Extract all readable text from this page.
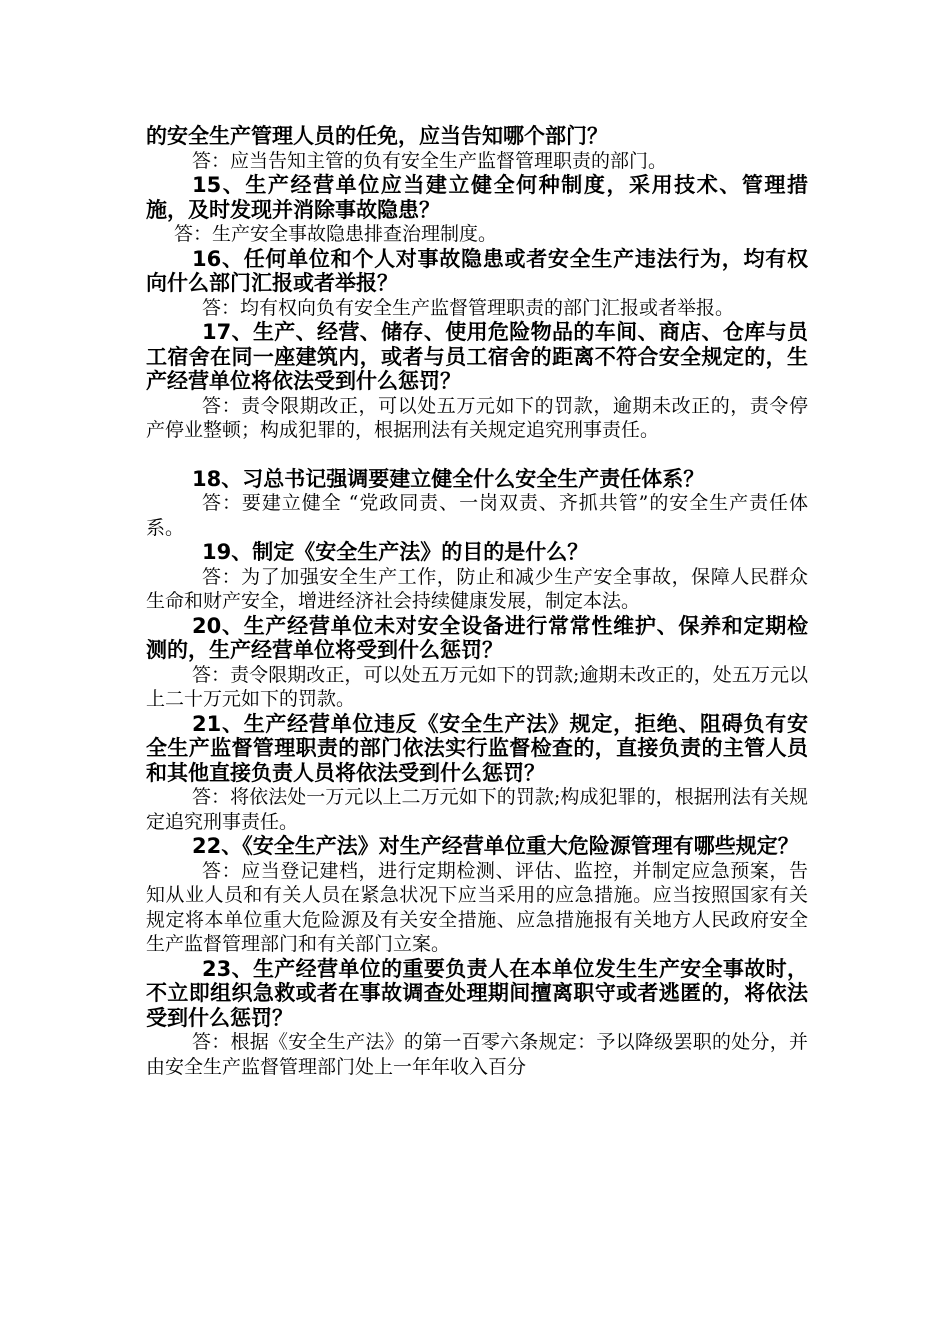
的安全生产管理人员的任免，应当告知哪个部门？

答：应当告知主管的负有安全生产监督管理职责的部门。

15、生产经营单位应当建立健全何种制度，采用技术、管理措施，及时发现并消除事故隐患？

答：生产安全事故隐患排查治理制度。

16、任何单位和个人对事故隐患或者安全生产违法行为，均有权向什么部门汇报或者举报？

答：均有权向负有安全生产监督管理职责的部门汇报或者举报。

17、生产、经营、储存、使用危险物品的车间、商店、仓库与员工宿舍在同一座建筑内，或者与员工宿舍的距离不符合安全规定的，生产经营单位将依法受到什么惩罚？

答：责令限期改正，可以处五万元如下的罚款，逾期未改正的，责令停产停业整顿；构成犯罪的，根据刑法有关规定追究刑事责任。

18、习总书记强调要建立健全什么安全生产责任体系？

答：要建立健全 “党政同责、一岗双责、齐抓共管”的安全生产责任体系。

19、制定《安全生产法》的目的是什么？

答：为了加强安全生产工作，防止和减少生产安全事故，保障人民群众生命和财产安全，增进经济社会持续健康发展，制定本法。

20、生产经营单位未对安全设备进行常常性维护、保养和定期检测的，生产经营单位将受到什么惩罚？

答：责令限期改正，可以处五万元如下的罚款;逾期未改正的，处五万元以上二十万元如下的罚款。

21、生产经营单位违反《安全生产法》规定，拒绝、阻碍负有安全生产监督管理职责的部门依法实行监督检查的，直接负责的主管人员和其他直接负责人员将依法受到什么惩罚？

答：将依法处一万元以上二万元如下的罚款;构成犯罪的，根据刑法有关规定追究刑事责任。

22、《安全生产法》对生产经营单位重大危险源管理有哪些规定？

答：应当登记建档，进行定期检测、评估、监控，并制定应急预案，告知从业人员和有关人员在紧急状况下应当采用的应急措施。应当按照国家有关规定将本单位重大危险源及有关安全措施、应急措施报有关地方人民政府安全生产监督管理部门和有关部门立案。

23、生产经营单位的重要负责人在本单位发生生产安全事故时，不立即组织急救或者在事故调查处理期间擅离职守或者逃匿的，将依法受到什么惩罚？

答：根据《安全生产法》的第一百零六条规定：予以降级罢职的处分，并由安全生产监督管理部门处上一年年收入百分
